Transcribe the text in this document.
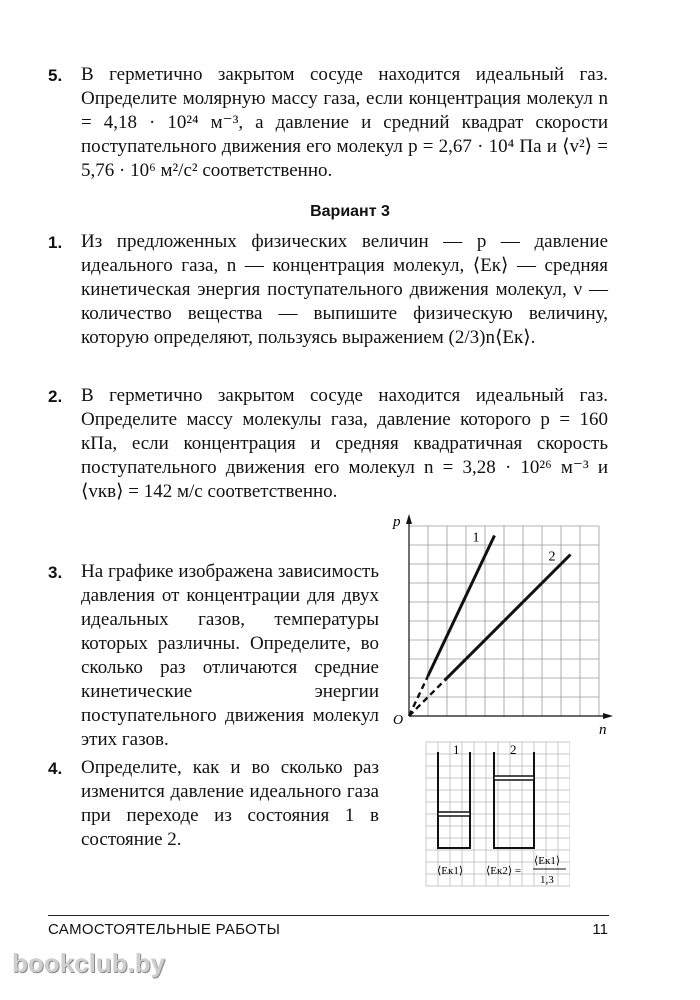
5. В герметично закрытом сосуде находится идеальный газ. Определите молярную массу газа, если концентрация молекул n = 4,18 · 10²⁴ м⁻³, а давление и средний квадрат скорости поступательного движения его молекул p = 2,67 · 10⁴ Па и ⟨v²⟩ = 5,76 · 10⁶ м²/с² соответственно.
Вариант 3
1. Из предложенных физических величин — p — давление идеального газа, n — концентрация молекул, ⟨Eк⟩ — средняя кинетическая энергия поступательного движения молекул, ν — количество вещества — выпишите физическую величину, которую определяют, пользуясь выражением (2/3)n⟨Eк⟩.
2. В герметично закрытом сосуде находится идеальный газ. Определите массу молекулы газа, давление которого p = 160 кПа, если концентрация и средняя квадратичная скорость поступательного движения его молекул n = 3,28 · 10²⁶ м⁻³ и ⟨vкв⟩ = 142 м/с соответственно.
3. На графике изображена зависимость давления от концентрации для двух идеальных газов, температуры которых различны. Определите, во сколько раз отличаются средние кинетические энергии поступательного движения молекул этих газов.
4. Определите, как и во сколько раз изменится давление идеального газа при переходе из состояния 1 в состояние 2.
p
n
O
1
2
1	2
⟨Eк1⟩ ⟨Eк2⟩ =
⟨Eк1⟩
1,3
САМОСТОЯТЕЛЬНЫЕ РАБОТЫ	11
bookclub.by
